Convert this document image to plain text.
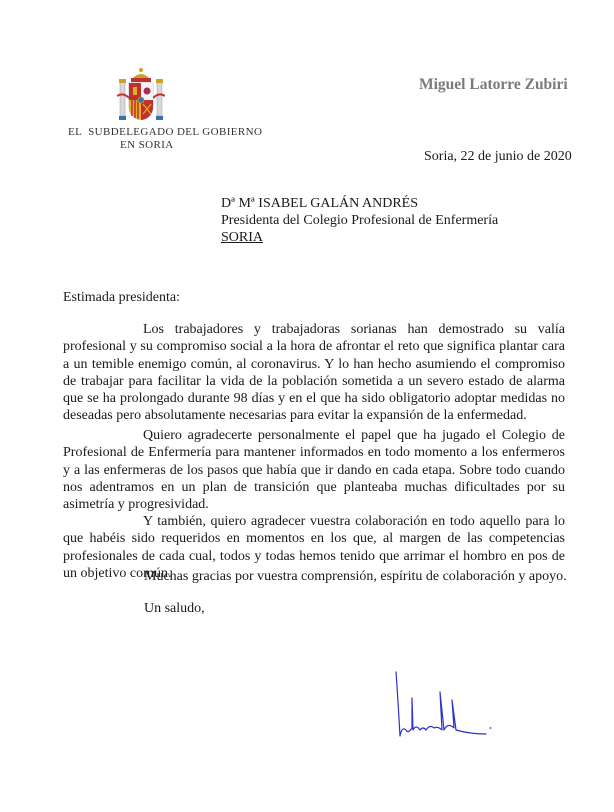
EL  SUBDELEGADO DEL GOBIERNO
EN SORIA
Miguel Latorre Zubiri
Soria, 22 de junio de 2020
Dª Mª ISABEL GALÁN ANDRÉS
Presidenta del Colegio Profesional de Enfermería
SORIA
Estimada presidenta:
Los trabajadores y trabajadoras sorianas han demostrado su valía profesional y su compromiso social a la hora de afrontar el reto que significa plantar cara a un temible enemigo común, al coronavirus. Y lo han hecho asumiendo el compromiso de trabajar para facilitar la vida de la población sometida a un severo estado de alarma que se ha prolongado durante 98 días y en el que ha sido obligatorio adoptar medidas no deseadas pero absolutamente necesarias para evitar la expansión de la enfermedad.
Quiero agradecerte personalmente el papel que ha jugado el Colegio de Profesional de Enfermería para mantener informados en todo momento a los enfermeros y a las enfermeras de los pasos que había que ir dando en cada etapa. Sobre todo cuando nos adentramos en un plan de transición que planteaba muchas dificultades por su asimetría y progresividad.
Y también, quiero agradecer vuestra colaboración en todo aquello para lo que habéis sido requeridos en momentos en los que, al margen de las competencias profesionales de cada cual, todos y todas hemos tenido que arrimar el hombro en pos de un objetivo común.
Muchas gracias por vuestra comprensión, espíritu de colaboración y apoyo.
Un saludo,
